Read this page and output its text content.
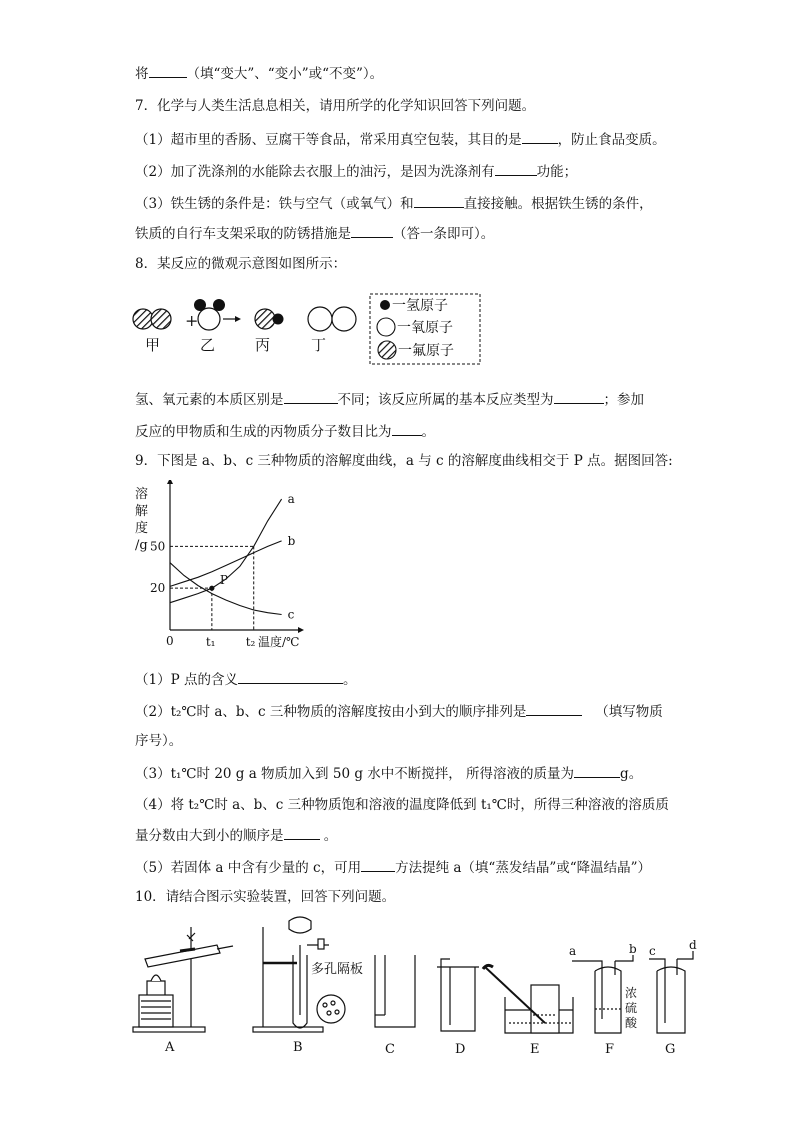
将	（填“变大”、“变小”或“不变”）。
7．化学与人类生活息息相关，请用所学的化学知识回答下列问题。
（1）超市里的香肠、豆腐干等食品，常采用真空包装，其目的是	，防止食品变质。
（2）加了洗涤剂的水能除去衣服上的油污，是因为洗涤剂有	功能；
（3）铁生锈的条件是：铁与空气（或氧气）和	直接接触。根据铁生锈的条件，
铁质的自行车支架采取的防锈措施是	（答一条即可）。
8．某反应的微观示意图如图所示：
+
甲	乙	丙	丁
一氢原子
一氧原子
一氟原子
氢、氧元素的本质区别是	不同；该反应所属的基本反应类型为	；参加
反应的甲物质和生成的丙物质分子数目比为 。
9．下图是 a、b、c 三种物质的溶解度曲线，a 与 c 的溶解度曲线相交于 P 点。据图回答:
溶
解
度
/g
0	温度/℃
a
b
c
P
50
20
t₁	t₂
（1）P 点的含义	。
（2）t₂℃时 a、b、c 三种物质的溶解度按由小到大的顺序排列是	（填写物质
序号）。
（3）t₁℃时 20 g a 物质加入到 50 g 水中不断搅拌， 所得溶液的质量为	g。
（4）将 t₂℃时 a、b、c 三种物质饱和溶液的温度降低到 t₁℃时，所得三种溶液的溶质质
量分数由大到小的顺序是	。
（5）若固体 a 中含有少量的 c，可用	方法提纯 a（填“蒸发结晶”或“降温结晶”）
10．请结合图示实验装置，回答下列问题。
A
多孔隔板
B	C	D	E
a	b
浓
硫
酸
F
c	d
G
